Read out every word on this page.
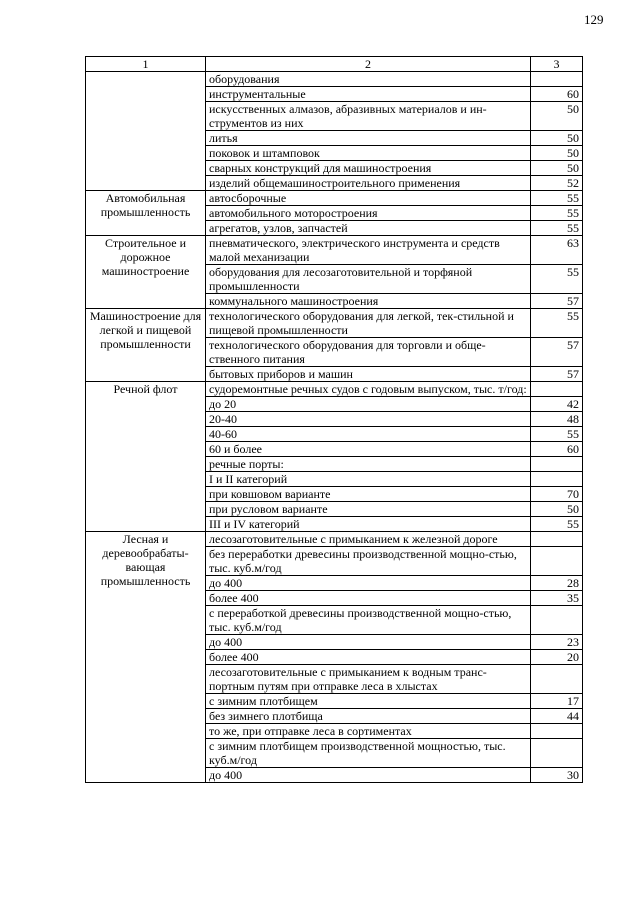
129
1	2	3
	оборудования	
	инструментальные	60
	искусственных алмазов, абразивных материалов и ин-струментов из них	50
	литья	50
	поковок и штамповок	50
	сварных конструкций для машиностроения	50
	изделий общемашиностроительного применения	52
Автомобильная промышленность	автосборочные	55
	автомобильного моторостроения	55
	агрегатов, узлов, запчастей	55
Строительное и дорожное машиностроение	пневматического, электрического инструмента и средств малой механизации	63
	оборудования для лесозаготовительной и торфяной промышленности	55
	коммунального машиностроения	57
Машиностроение для легкой и пищевой промышленности	технологического оборудования для легкой, тек-стильной и пищевой промышленности	55
	технологического оборудования для торговли и обще-ственного питания	57
	бытовых приборов и машин	57
Речной флот	судоремонтные речных судов с годовым выпуском, тыс. т/год:	
	до 20	42
	20-40	48
	40-60	55
	60 и более	60
	речные порты:	
	I и II категорий	
	при ковшовом варианте	70
	при русловом варианте	50
	III и IV категорий	55
Лесная и деревообрабаты-вающая промышленность	лесозаготовительные с примыканием к железной дороге	
	без переработки древесины производственной мощно-стью, тыс. куб.м/год	
	до 400	28
	более 400	35
	с переработкой древесины производственной мощно-стью, тыс. куб.м/год	
	до 400	23
	более 400	20
	лесозаготовительные с примыканием к водным транс-портным путям при отправке леса в хлыстах	
	с зимним плотбищем	17
	без зимнего плотбища	44
	то же, при отправке леса в сортиментах	
	с зимним плотбищем производственной мощностью, тыс. куб.м/год	
	до 400	30
